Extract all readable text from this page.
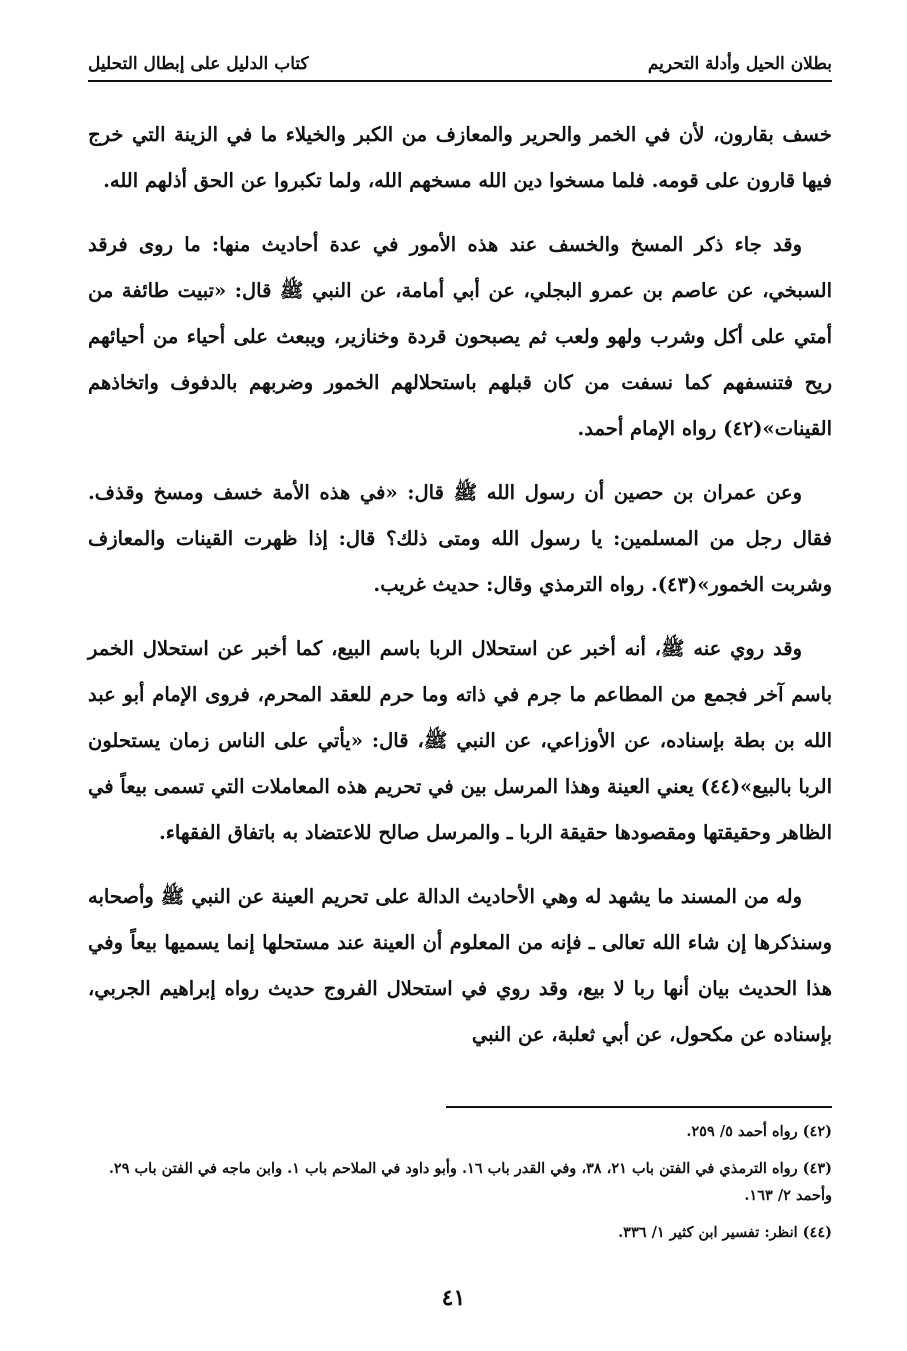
كتاب الدليل على إبطال التحليل	بطلان الحيل وأدلة التحريم

خسف بقارون، لأن في الخمر والحرير والمعازف من الكبر والخيلاء ما في الزينة التي خرج فيها قارون على قومه. فلما مسخوا دين الله مسخهم الله، ولما تكبروا عن الحق أذلهم الله.

وقد جاء ذكر المسخ والخسف عند هذه الأمور في عدة أحاديث منها: ما روى فرقد السبخي، عن عاصم بن عمرو البجلي، عن أبي أمامة، عن النبي ﷺ قال: «تبيت طائفة من أمتي على أكل وشرب ولهو ولعب ثم يصبحون قردة وخنازير، ويبعث على أحياء من أحيائهم ريح فتنسفهم كما نسفت من كان قبلهم باستحلالهم الخمور وضربهم بالدفوف واتخاذهم القينات»(٤٢) رواه الإمام أحمد.

وعن عمران بن حصين أن رسول الله ﷺ قال: «في هذه الأمة خسف ومسخ وقذف. فقال رجل من المسلمين: يا رسول الله ومتى ذلك؟ قال: إذا ظهرت القينات والمعازف وشربت الخمور»(٤٣). رواه الترمذي وقال: حديث غريب.

وقد روي عنه ﷺ، أنه أخبر عن استحلال الربا باسم البيع، كما أخبر عن استحلال الخمر باسم آخر فجمع من المطاعم ما جرم في ذاته وما حرم للعقد المحرم، فروى الإمام أبو عبد الله بن بطة بإسناده، عن الأوزاعي، عن النبي ﷺ، قال: «يأتي على الناس زمان يستحلون الربا بالبيع»(٤٤) يعني العينة وهذا المرسل بين في تحريم هذه المعاملات التي تسمى بيعاً في الظاهر وحقيقتها ومقصودها حقيقة الربا ـ والمرسل صالح للاعتضاد به باتفاق الفقهاء.

وله من المسند ما يشهد له وهي الأحاديث الدالة على تحريم العينة عن النبي ﷺ وأصحابه وسنذكرها إن شاء الله تعالى ـ فإنه من المعلوم أن العينة عند مستحلها إنما يسميها بيعاً وفي هذا الحديث بيان أنها ربا لا بيع، وقد روي في استحلال الفروج حديث رواه إبراهيم الجربي، بإسناده عن مكحول، عن أبي ثعلبة، عن النبي

(٤٢) رواه أحمد ٥/ ٢٥٩.

(٤٣) رواه الترمذي في الفتن باب ٢١، ٣٨، وفي القدر باب ١٦. وأبو داود في الملاحم باب ١. وابن ماجه في الفتن باب ٢٩. وأحمد ٢/ ١٦٣.

(٤٤) انظر: تفسير ابن كثير ١/ ٣٣٦.

٤١
